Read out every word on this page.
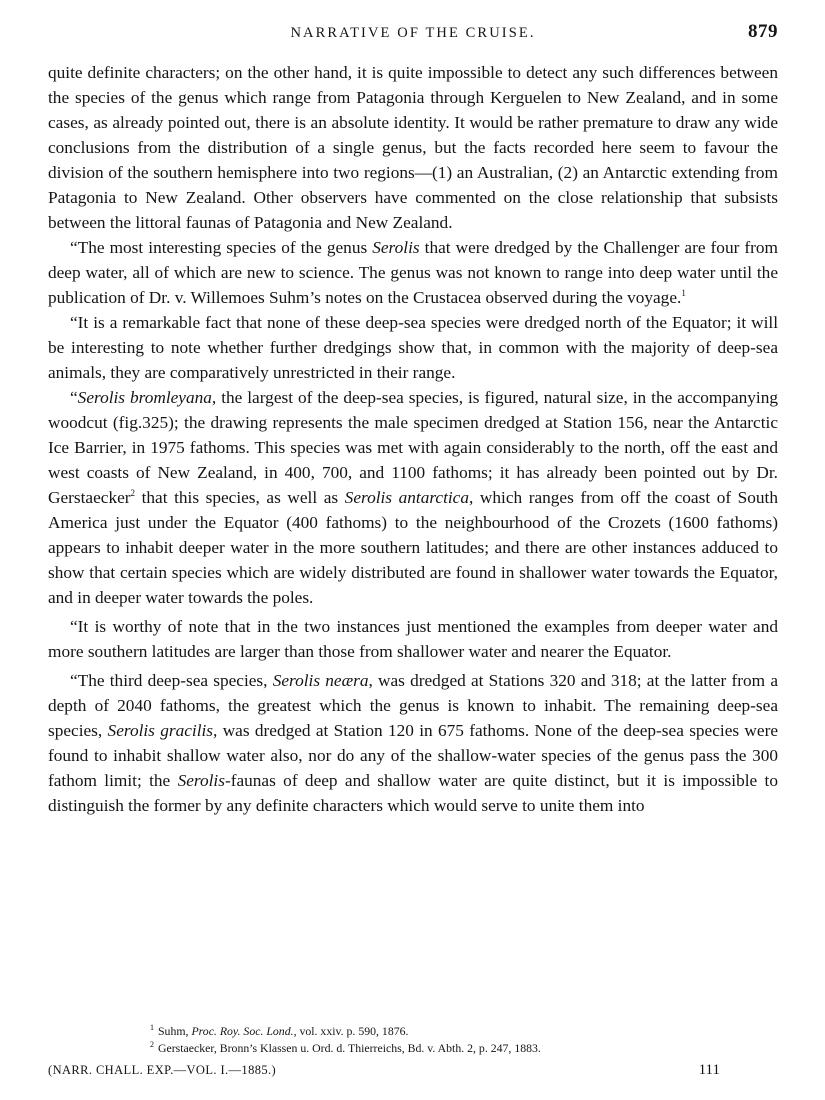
NARRATIVE OF THE CRUISE.	879

quite definite characters; on the other hand, it is quite impossible to detect any such differences between the species of the genus which range from Patagonia through Kerguelen to New Zealand, and in some cases, as already pointed out, there is an absolute identity. It would be rather premature to draw any wide conclusions from the distribution of a single genus, but the facts recorded here seem to favour the division of the southern hemisphere into two regions—(1) an Australian, (2) an Antarctic extending from Patagonia to New Zealand. Other observers have commented on the close relationship that subsists between the littoral faunas of Patagonia and New Zealand.

“The most interesting species of the genus Serolis that were dredged by the Challenger are four from deep water, all of which are new to science. The genus was not known to range into deep water until the publication of Dr. v. Willemoes Suhm’s notes on the Crustacea observed during the voyage.$^1$

“It is a remarkable fact that none of these deep-sea species were dredged north of the Equator; it will be interesting to note whether further dredgings show that, in common with the majority of deep-sea animals, they are comparatively unrestricted in their range.

“Serolis bromleyana, the largest of the deep-sea species, is figured, natural size, in the accompanying woodcut (fig.325); the drawing represents the male specimen dredged at Station 156, near the Antarctic Ice Barrier, in 1975 fathoms. This species was met with again considerably to the north, off the east and west coasts of New Zealand, in 400, 700, and 1100 fathoms; it has already been pointed out by Dr. Gerstaecker$^2$ that this species, as well as Serolis antarctica, which ranges from off the coast of South America just under the Equator (400 fathoms) to the neighbourhood of the Crozets (1600 fathoms) appears to inhabit deeper water in the more southern latitudes; and there are other instances adduced to show that certain species which are widely distributed are found in shallower water towards the Equator, and in deeper water towards the poles.

“It is worthy of note that in the two instances just mentioned the examples from deeper water and more southern latitudes are larger than those from shallower water and nearer the Equator.

“The third deep-sea species, Serolis neæra, was dredged at Stations 320 and 318; at the latter from a depth of 2040 fathoms, the greatest which the genus is known to inhabit. The remaining deep-sea species, Serolis gracilis, was dredged at Station 120 in 675 fathoms. None of the deep-sea species were found to inhabit shallow water also, nor do any of the shallow-water species of the genus pass the 300 fathom limit; the Serolis-faunas of deep and shallow water are quite distinct, but it is impossible to distinguish the former by any definite characters which would serve to unite them into

$^1$ Suhm, Proc. Roy. Soc. Lond., vol. xxiv. p. 590, 1876.
$^2$ Gerstaecker, Bronn’s Klassen u. Ord. d. Thierreichs, Bd. v. Abth. 2, p. 247, 1883.
(NARR. CHALL. EXP.—VOL. I.—1885.)	111
